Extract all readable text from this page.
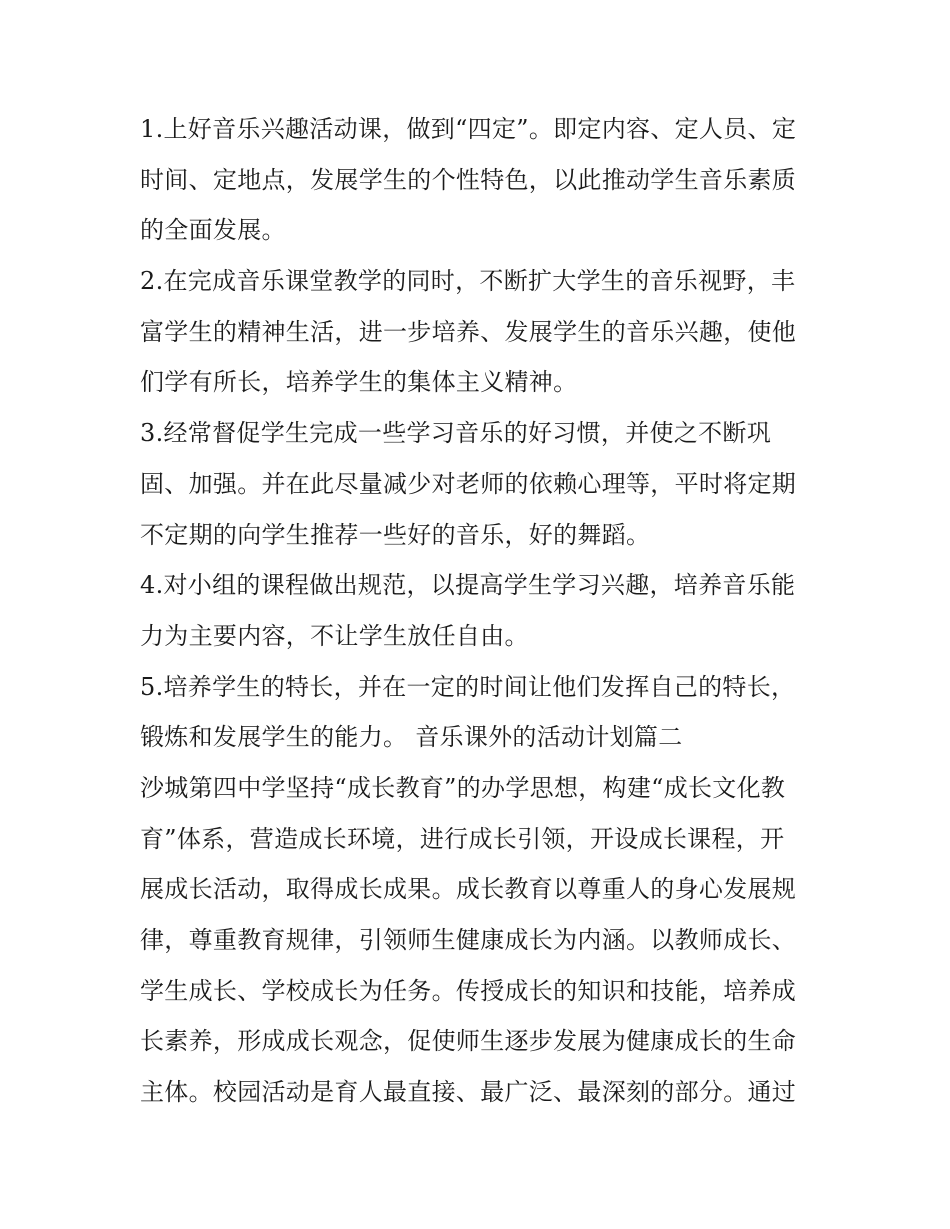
1.上好音乐兴趣活动课，做到“四定”。即定内容、定人员、定
时间、定地点，发展学生的个性特色，以此推动学生音乐素质
的全面发展。
2.在完成音乐课堂教学的同时，不断扩大学生的音乐视野，丰
富学生的精神生活，进一步培养、发展学生的音乐兴趣，使他
们学有所长，培养学生的集体主义精神。
3.经常督促学生完成一些学习音乐的好习惯，并使之不断巩
固、加强。并在此尽量减少对老师的依赖心理等，平时将定期
不定期的向学生推荐一些好的音乐，好的舞蹈。
4.对小组的课程做出规范，以提高学生学习兴趣，培养音乐能
力为主要内容，不让学生放任自由。
5.培养学生的特长，并在一定的时间让他们发挥自己的特长，
锻炼和发展学生的能力。 音乐课外的活动计划篇二
沙城第四中学坚持“成长教育”的办学思想，构建“成长文化教
育”体系，营造成长环境，进行成长引领，开设成长课程，开
展成长活动，取得成长成果。成长教育以尊重人的身心发展规
律，尊重教育规律，引领师生健康成长为内涵。以教师成长、
学生成长、学校成长为任务。传授成长的知识和技能，培养成
长素养，形成成长观念，促使师生逐步发展为健康成长的生命
主体。校园活动是育人最直接、最广泛、最深刻的部分。通过
